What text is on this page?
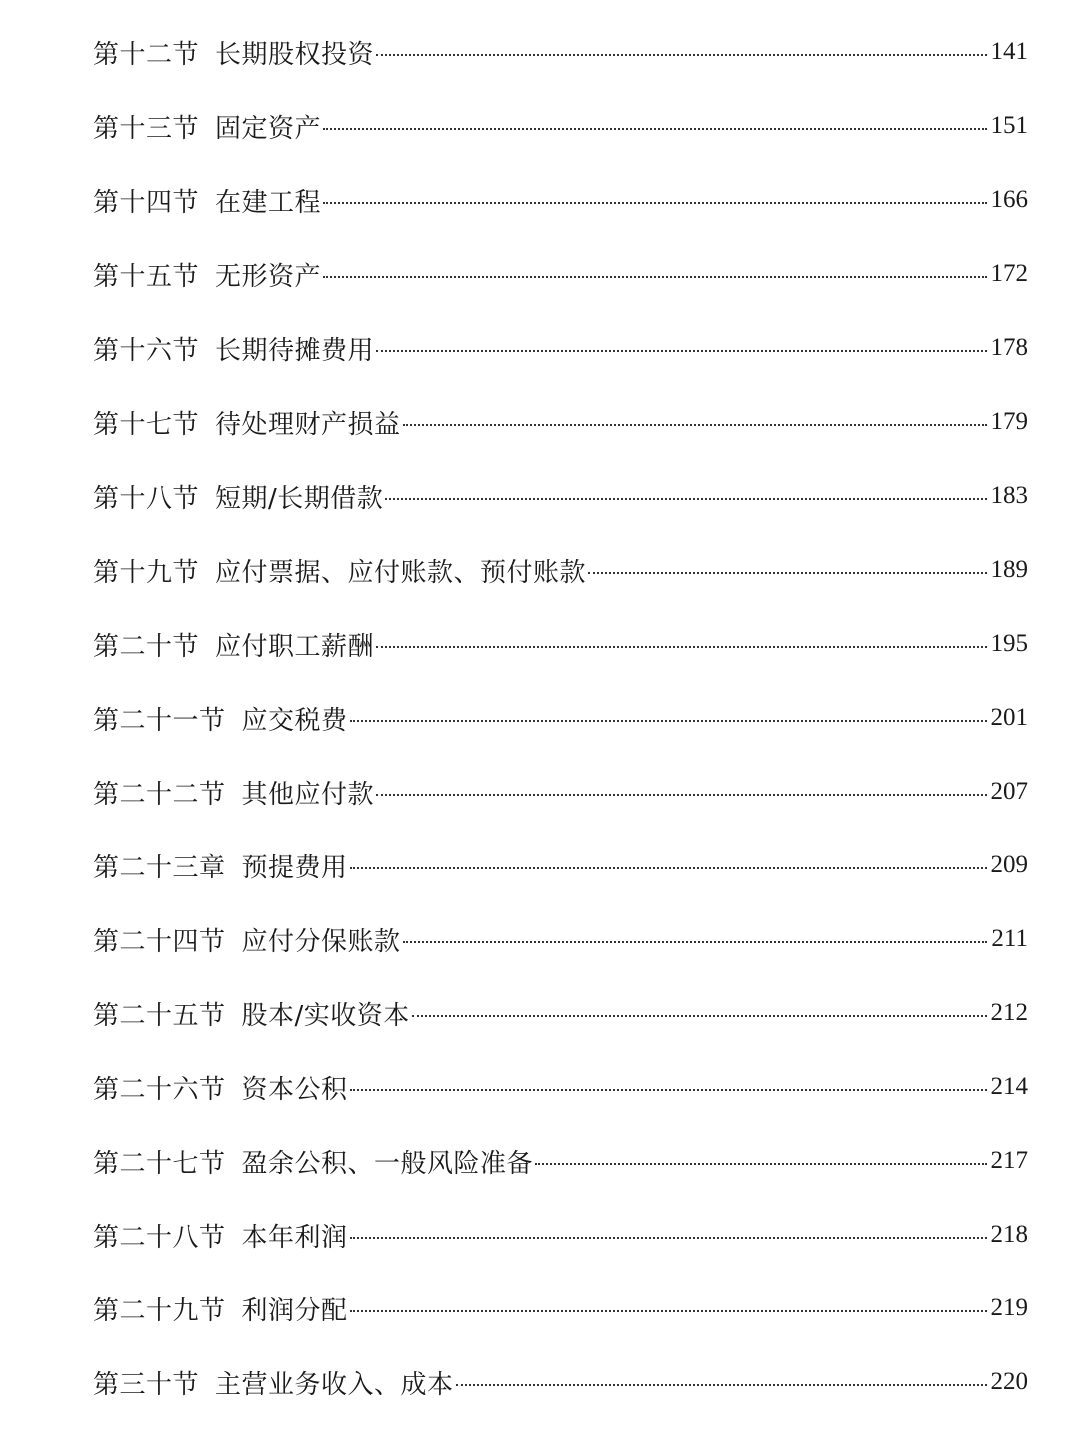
第十二节 长期股权投资	141
第十三节 固定资产	151
第十四节 在建工程	166
第十五节 无形资产	172
第十六节 长期待摊费用	178
第十七节 待处理财产损益	179
第十八节 短期/长期借款	183
第十九节 应付票据、应付账款、预付账款	189
第二十节 应付职工薪酬	195
第二十一节 应交税费	201
第二十二节 其他应付款	207
第二十三章 预提费用	209
第二十四节 应付分保账款	211
第二十五节 股本/实收资本	212
第二十六节 资本公积	214
第二十七节 盈余公积、一般风险准备	217
第二十八节 本年利润	218
第二十九节 利润分配	219
第三十节 主营业务收入、成本	220
